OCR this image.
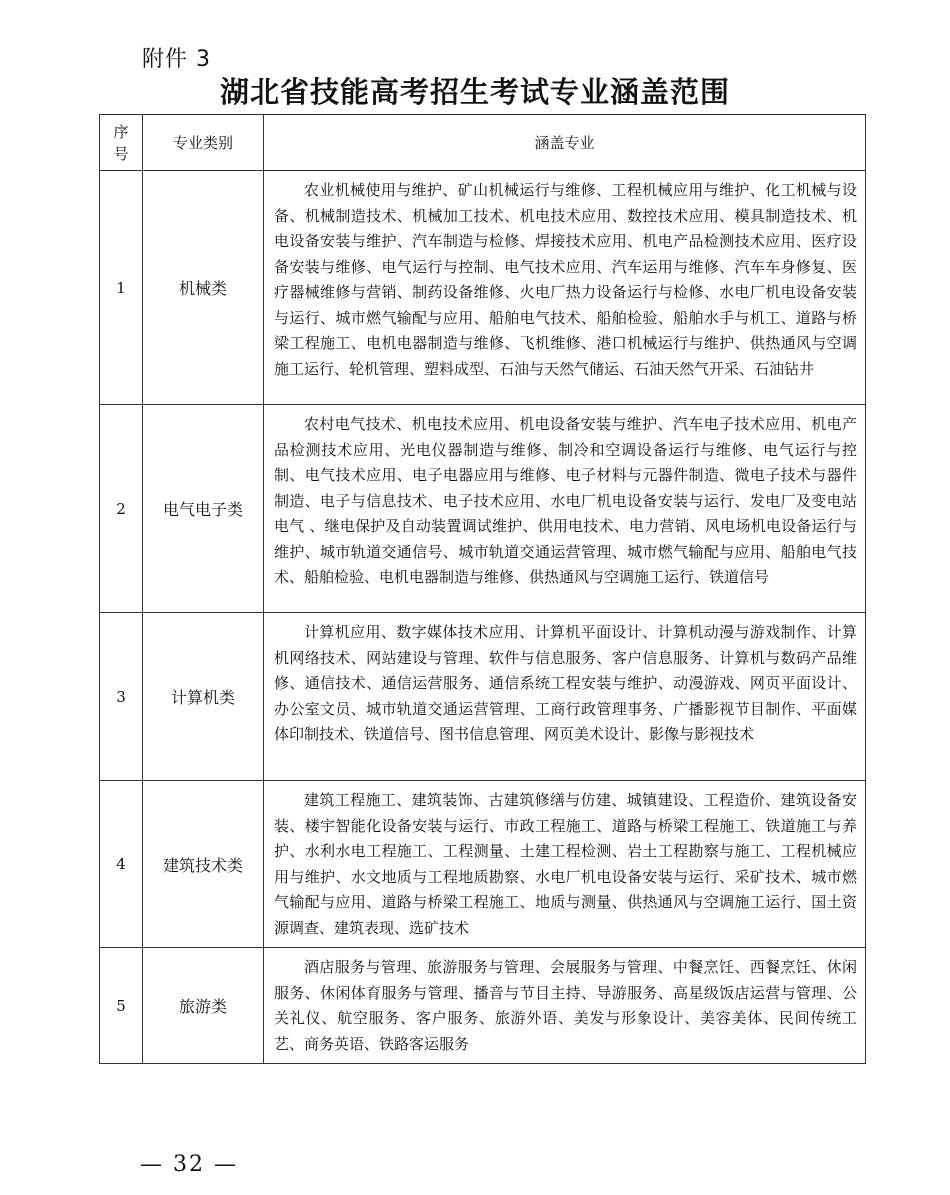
附件 3
湖北省技能高考招生考试专业涵盖范围
序号	专业类别	涵盖专业
1	机械类	农业机械使用与维护、矿山机械运行与维修、工程机械应用与维护、化工机械与设备、机械制造技术、机械加工技术、机电技术应用、数控技术应用、模具制造技术、机电设备安装与维护、汽车制造与检修、焊接技术应用、机电产品检测技术应用、医疗设备安装与维修、电气运行与控制、电气技术应用、汽车运用与维修、汽车车身修复、医疗器械维修与营销、制药设备维修、火电厂热力设备运行与检修、水电厂机电设备安装与运行、城市燃气输配与应用、船舶电气技术、船舶检验、船舶水手与机工、道路与桥梁工程施工、电机电器制造与维修、飞机维修、港口机械运行与维护、供热通风与空调施工运行、轮机管理、塑料成型、石油与天然气储运、石油天然气开采、石油钻井
2	电气电子类	农村电气技术、机电技术应用、机电设备安装与维护、汽车电子技术应用、机电产品检测技术应用、光电仪器制造与维修、制冷和空调设备运行与维修、电气运行与控制、电气技术应用、电子电器应用与维修、电子材料与元器件制造、微电子技术与器件制造、电子与信息技术、电子技术应用、水电厂机电设备安装与运行、发电厂及变电站电气 、继电保护及自动装置调试维护、供用电技术、电力营销、风电场机电设备运行与维护、城市轨道交通信号、城市轨道交通运营管理、城市燃气输配与应用、船舶电气技术、船舶检验、电机电器制造与维修、供热通风与空调施工运行、铁道信号
3	计算机类	计算机应用、数字媒体技术应用、计算机平面设计、计算机动漫与游戏制作、计算机网络技术、网站建设与管理、软件与信息服务、客户信息服务、计算机与数码产品维修、通信技术、通信运营服务、通信系统工程安装与维护、动漫游戏、网页平面设计、办公室文员、城市轨道交通运营管理、工商行政管理事务、广播影视节目制作、平面媒体印制技术、铁道信号、图书信息管理、网页美术设计、影像与影视技术
4	建筑技术类	建筑工程施工、建筑装饰、古建筑修缮与仿建、城镇建设、工程造价、建筑设备安装、楼宇智能化设备安装与运行、市政工程施工、道路与桥梁工程施工、铁道施工与养护、水利水电工程施工、工程测量、土建工程检测、岩土工程勘察与施工、工程机械应用与维护、水文地质与工程地质勘察、水电厂机电设备安装与运行、采矿技术、城市燃气输配与应用、道路与桥梁工程施工、地质与测量、供热通风与空调施工运行、国土资源调查、建筑表现、选矿技术
5	旅游类	酒店服务与管理、旅游服务与管理、会展服务与管理、中餐烹饪、西餐烹饪、休闲服务、休闲体育服务与管理、播音与节目主持、导游服务、高星级饭店运营与管理、公关礼仪、航空服务、客户服务、旅游外语、美发与形象设计、美容美体、民间传统工艺、商务英语、铁路客运服务
— 32 —
